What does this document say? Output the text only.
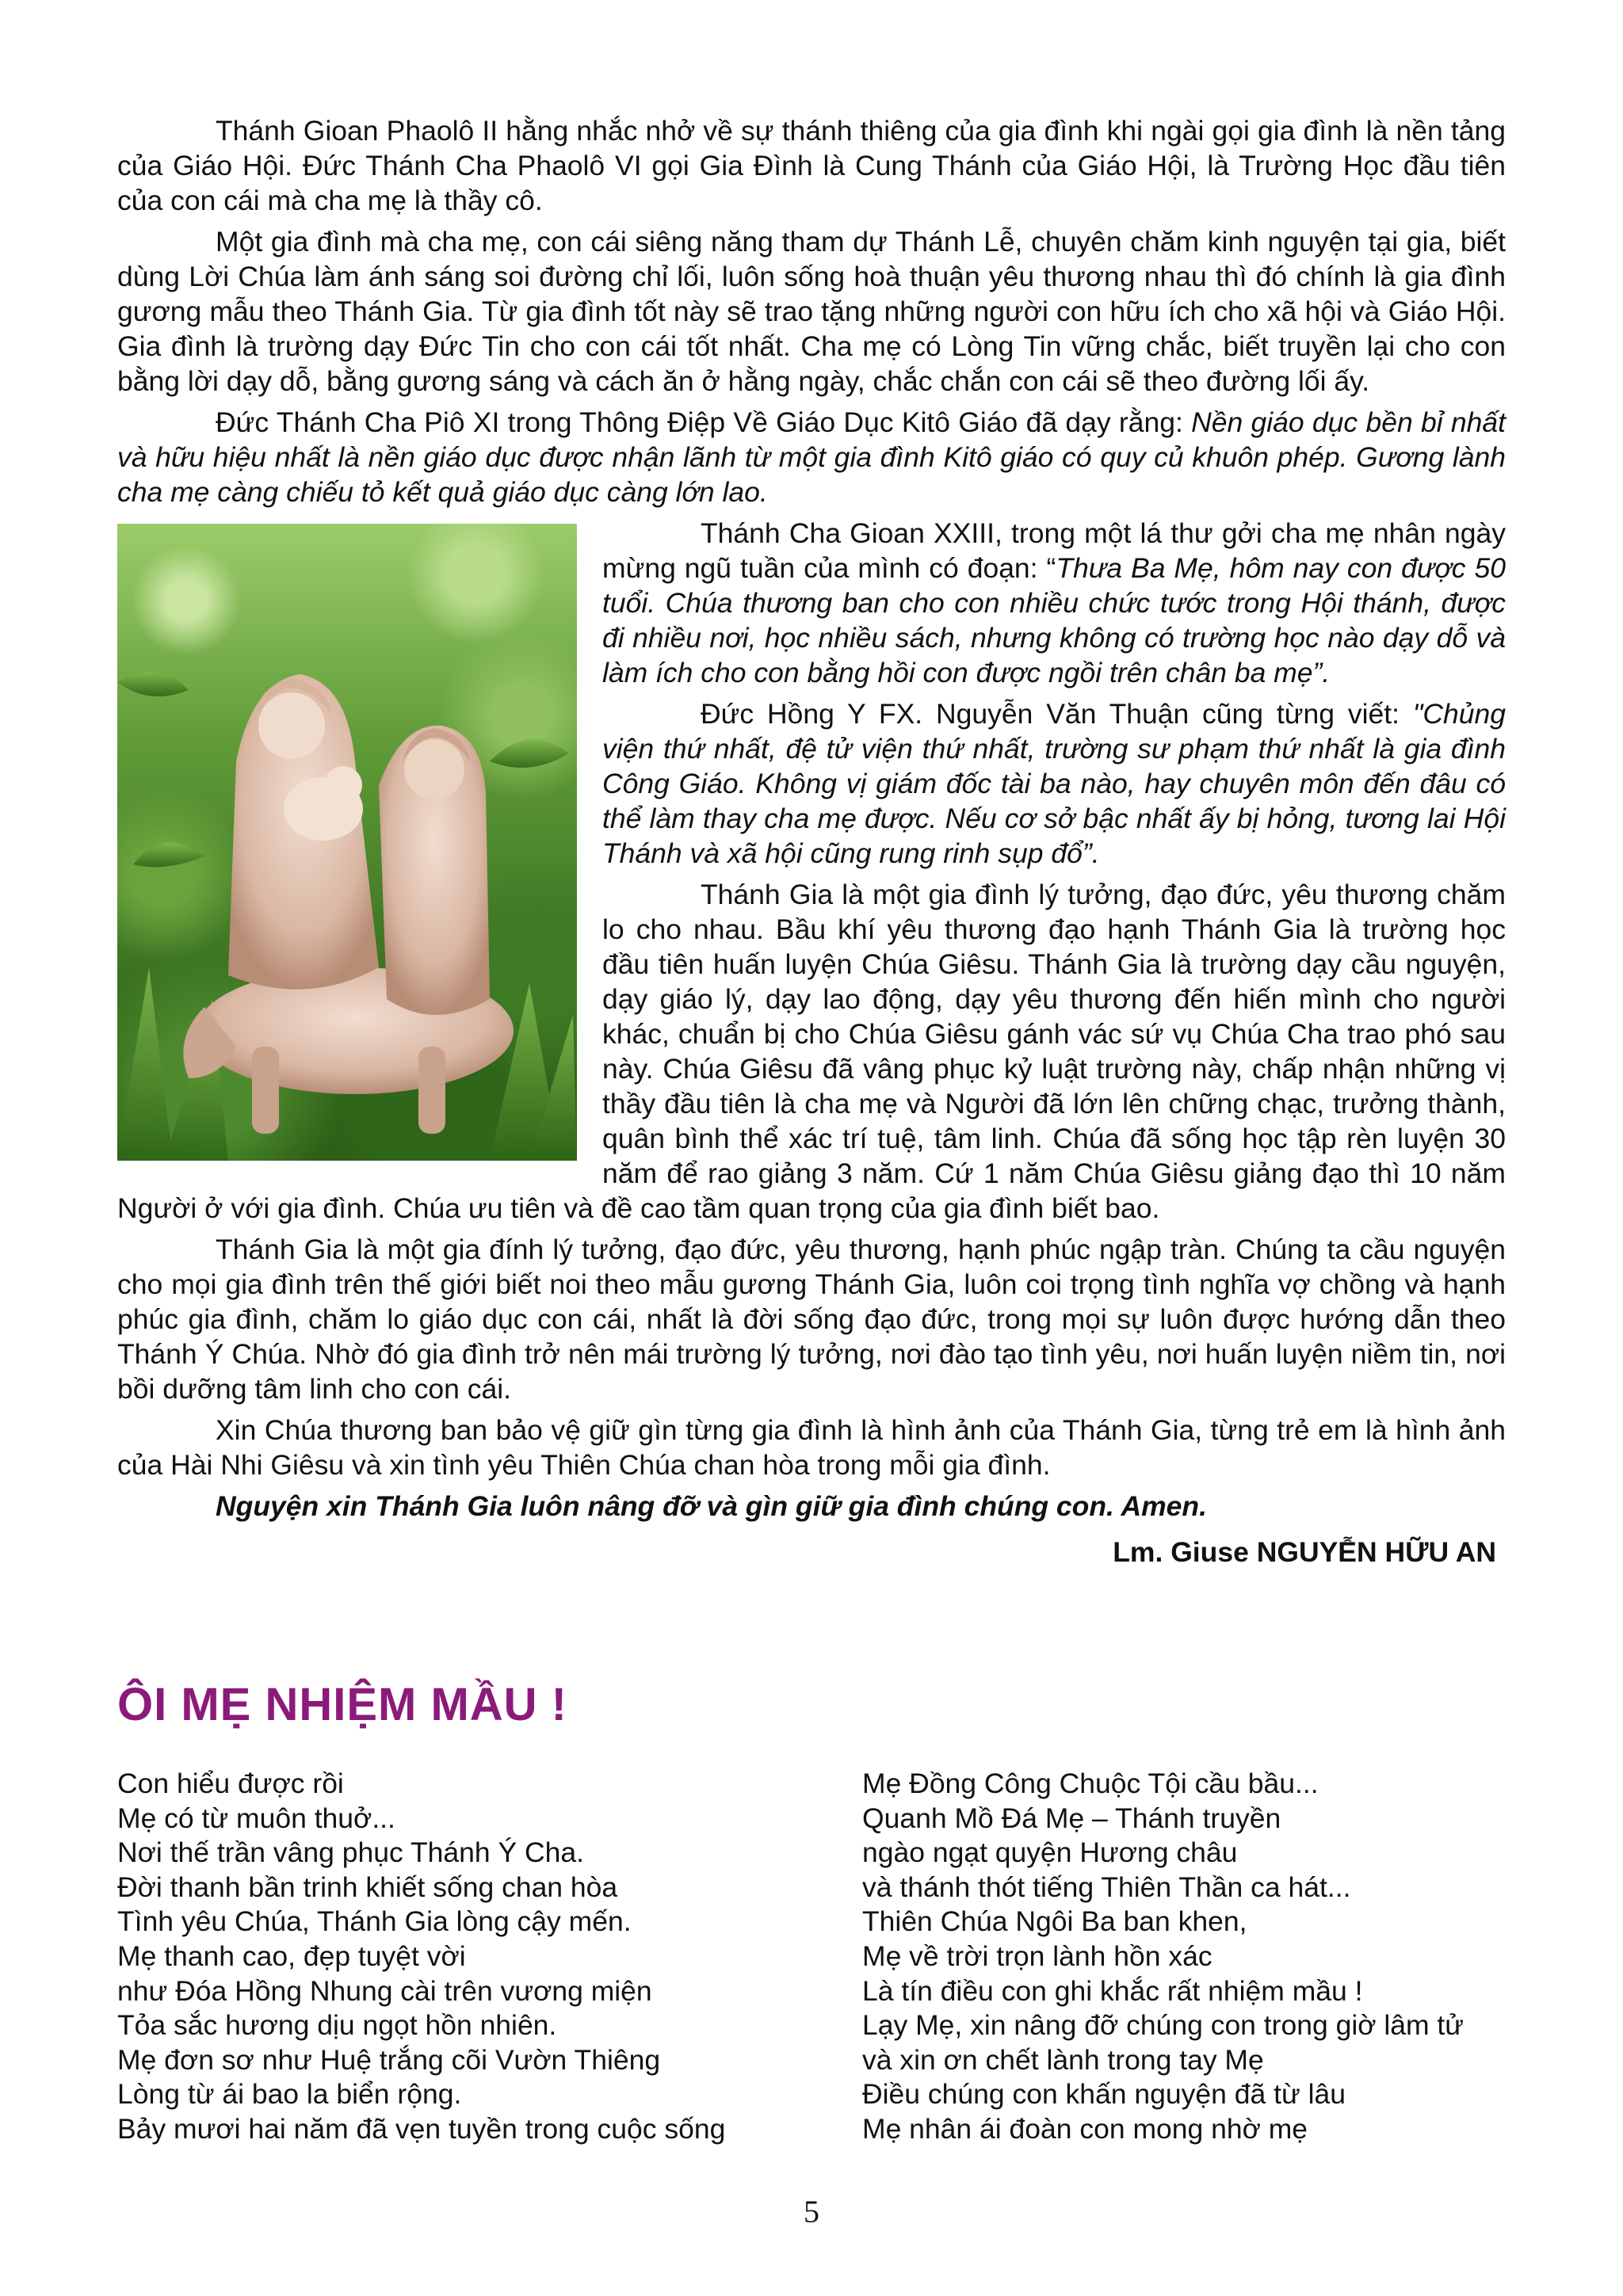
Thánh Gioan Phaolô II hằng nhắc nhở về sự thánh thiêng của gia đình khi ngài gọi gia đình là nền tảng của Giáo Hội. Đức Thánh Cha Phaolô VI gọi Gia Đình là Cung Thánh của Giáo Hội, là Trường Học đầu tiên của con cái mà cha mẹ là thầy cô.

Một gia đình mà cha mẹ, con cái siêng năng tham dự Thánh Lễ, chuyên chăm kinh nguyện tại gia, biết dùng Lời Chúa làm ánh sáng soi đường chỉ lối, luôn sống hoà thuận yêu thương nhau thì đó chính là gia đình gương mẫu theo Thánh Gia. Từ gia đình tốt này sẽ trao tặng những người con hữu ích cho xã hội và Giáo Hội. Gia đình là trường dạy Đức Tin cho con cái tốt nhất. Cha mẹ có Lòng Tin vững chắc, biết truyền lại cho con bằng lời dạy dỗ, bằng gương sáng và cách ăn ở hằng ngày, chắc chắn con cái sẽ theo đường lối ấy.

Đức Thánh Cha Piô XI trong Thông Điệp Về Giáo Dục Kitô Giáo đã dạy rằng: Nền giáo dục bền bỉ nhất và hữu hiệu nhất là nền giáo dục được nhận lãnh từ một gia đình Kitô giáo có quy củ khuôn phép. Gương lành cha mẹ càng chiếu tỏ kết quả giáo dục càng lớn lao.

Thánh Cha Gioan XXIII, trong một lá thư gởi cha mẹ nhân ngày mừng ngũ tuần của mình có đoạn: “Thưa Ba Mẹ, hôm nay con được 50 tuổi. Chúa thương ban cho con nhiều chức tước trong Hội thánh, được đi nhiều nơi, học nhiều sách, nhưng không có trường học nào dạy dỗ và làm ích cho con bằng hồi con được ngồi trên chân ba mẹ”.

Đức Hồng Y FX. Nguyễn Văn Thuận cũng từng viết: "Chủng viện thứ nhất, đệ tử viện thứ nhất, trường sư phạm thứ nhất là gia đình Công Giáo. Không vị giám đốc tài ba nào, hay chuyên môn đến đâu có thể làm thay cha mẹ được. Nếu cơ sở bậc nhất ấy bị hỏng, tương lai Hội Thánh và xã hội cũng rung rinh sụp đổ”.

Thánh Gia là một gia đình lý tưởng, đạo đức, yêu thương chăm lo cho nhau. Bầu khí yêu thương đạo hạnh Thánh Gia là trường học đầu tiên huấn luyện Chúa Giêsu. Thánh Gia là trường dạy cầu nguyện, dạy giáo lý, dạy lao động, dạy yêu thương đến hiến mình cho người khác, chuẩn bị cho Chúa Giêsu gánh vác sứ vụ Chúa Cha trao phó sau này. Chúa Giêsu đã vâng phục kỷ luật trường này, chấp nhận những vị thầy đầu tiên là cha mẹ và Người đã lớn lên chững chạc, trưởng thành, quân bình thể xác trí tuệ, tâm linh. Chúa đã sống học tập rèn luyện 30 năm để rao giảng 3 năm. Cứ 1 năm Chúa Giêsu giảng đạo thì 10 năm Người ở với gia đình. Chúa ưu tiên và đề cao tầm quan trọng của gia đình biết bao.

Thánh Gia là một gia đính lý tưởng, đạo đức, yêu thương, hạnh phúc ngập tràn. Chúng ta cầu nguyện cho mọi gia đình trên thế giới biết noi theo mẫu gương Thánh Gia, luôn coi trọng tình nghĩa vợ chồng và hạnh phúc gia đình, chăm lo giáo dục con cái, nhất là đời sống đạo đức, trong mọi sự luôn được hướng dẫn theo Thánh Ý Chúa. Nhờ đó gia đình trở nên mái trường lý tưởng, nơi đào tạo tình yêu, nơi huấn luyện niềm tin, nơi bồi dưỡng tâm linh cho con cái.

Xin Chúa thương ban bảo vệ giữ gìn từng gia đình là hình ảnh của Thánh Gia, từng trẻ em là hình ảnh của Hài Nhi Giêsu và xin tình yêu Thiên Chúa chan hòa trong mỗi gia đình.

Nguyện xin Thánh Gia luôn nâng đỡ và gìn giữ gia đình chúng con. Amen.

Lm. Giuse NGUYỄN HỮU AN

ÔI MẸ NHIỆM MẦU !
Con hiểu được rồi
Mẹ có từ muôn thuở...
Nơi thế trần vâng phục Thánh Ý Cha.
Đời thanh bần trinh khiết sống chan hòa
Tình yêu Chúa, Thánh Gia lòng cậy mến.
Mẹ thanh cao, đẹp tuyệt vời
như Đóa Hồng Nhung cài trên vương miện
Tỏa sắc hương dịu ngọt hồn nhiên.
Mẹ đơn sơ như Huệ trắng cõi Vườn Thiêng
Lòng từ ái bao la biển rộng.
Bảy mươi hai năm đã vẹn tuyền trong cuộc sống
Mẹ Đồng Công Chuộc Tội cầu bầu...
Quanh Mồ Đá Mẹ – Thánh truyền
ngào ngạt quyện Hương châu
và thánh thót tiếng Thiên Thần ca hát...
Thiên Chúa Ngôi Ba ban khen,
Mẹ về trời trọn lành hồn xác
Là tín điều con ghi khắc rất nhiệm mầu !
Lạy Mẹ, xin nâng đỡ chúng con trong giờ lâm tử
và xin ơn chết lành trong tay Mẹ
Điều chúng con khấn nguyện đã từ lâu
Mẹ nhân ái đoàn con mong nhờ mẹ
5
